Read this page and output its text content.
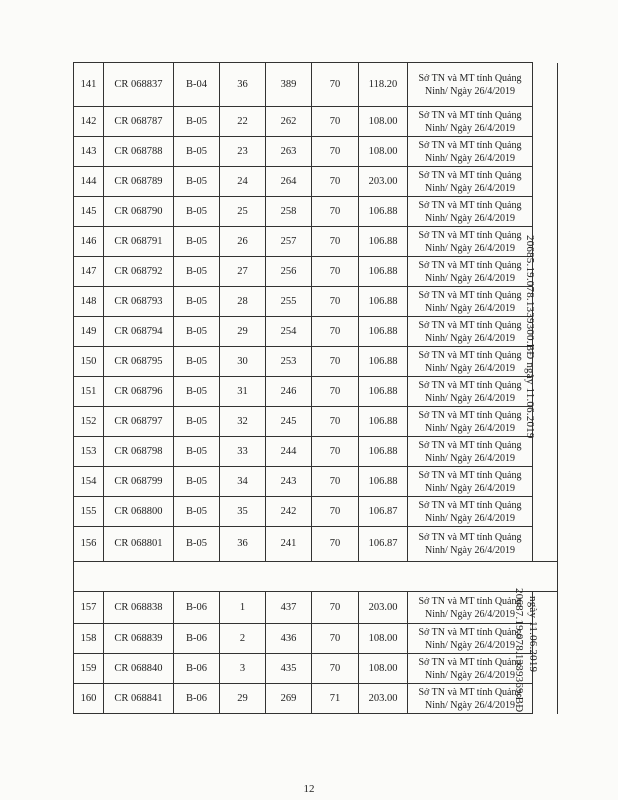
141	CR 068837	B-04	36	389	70	118.20	Sở TN và MT tỉnh Quảng
Ninh/ Ngày 26/4/2019	

142	CR 068787	B-05	22	262	70	108.00	Sở TN và MT tỉnh Quảng
Ninh/ Ngày 26/4/2019	

143	CR 068788	B-05	23	263	70	108.00	Sở TN và MT tỉnh Quảng
Ninh/ Ngày 26/4/2019	

144	CR 068789	B-05	24	264	70	203.00	Sở TN và MT tỉnh Quảng
Ninh/ Ngày 26/4/2019	

145	CR 068790	B-05	25	258	70	106.88	Sở TN và MT tỉnh Quảng
Ninh/ Ngày 26/4/2019	

146	CR 068791	B-05	26	257	70	106.88	Sở TN và MT tỉnh Quảng
Ninh/ Ngày 26/4/2019	

147	CR 068792	B-05	27	256	70	106.88	Sở TN và MT tỉnh Quảng
Ninh/ Ngày 26/4/2019	

148	CR 068793	B-05	28	255	70	106.88	Sở TN và MT tỉnh Quảng
Ninh/ Ngày 26/4/2019	

149	CR 068794	B-05	29	254	70	106.88	Sở TN và MT tỉnh Quảng
Ninh/ Ngày 26/4/2019	

150	CR 068795	B-05	30	253	70	106.88	Sở TN và MT tỉnh Quảng
Ninh/ Ngày 26/4/2019	

151	CR 068796	B-05	31	246	70	106.88	Sở TN và MT tỉnh Quảng
Ninh/ Ngày 26/4/2019	

152	CR 068797	B-05	32	245	70	106.88	Sở TN và MT tỉnh Quảng
Ninh/ Ngày 26/4/2019	

153	CR 068798	B-05	33	244	70	106.88	Sở TN và MT tỉnh Quảng
Ninh/ Ngày 26/4/2019	

154	CR 068799	B-05	34	243	70	106.88	Sở TN và MT tỉnh Quảng
Ninh/ Ngày 26/4/2019	

155	CR 068800	B-05	35	242	70	106.87	Sở TN và MT tỉnh Quảng
Ninh/ Ngày 26/4/2019	

156	CR 068801	B-05	36	241	70	106.87	Sở TN và MT tỉnh Quảng
Ninh/ Ngày 26/4/2019	

157	CR 068838	B-06	1	437	70	203.00	Sở TN và MT tỉnh Quảng
Ninh/ Ngày 26/4/2019	

158	CR 068839	B-06	2	436	70	108.00	Sở TN và MT tỉnh Quảng
Ninh/ Ngày 26/4/2019	

159	CR 068840	B-06	3	435	70	108.00	Sở TN và MT tỉnh Quảng
Ninh/ Ngày 26/4/2019	

160	CR 068841	B-06	29	269	71	203.00	Sở TN và MT tỉnh Quảng
Ninh/ Ngày 26/4/2019	

20685.19.078.1339300.BĐ ngày 11.06.2019
20687.19.078.1339369.BĐ ngày 11.06.2019
12
